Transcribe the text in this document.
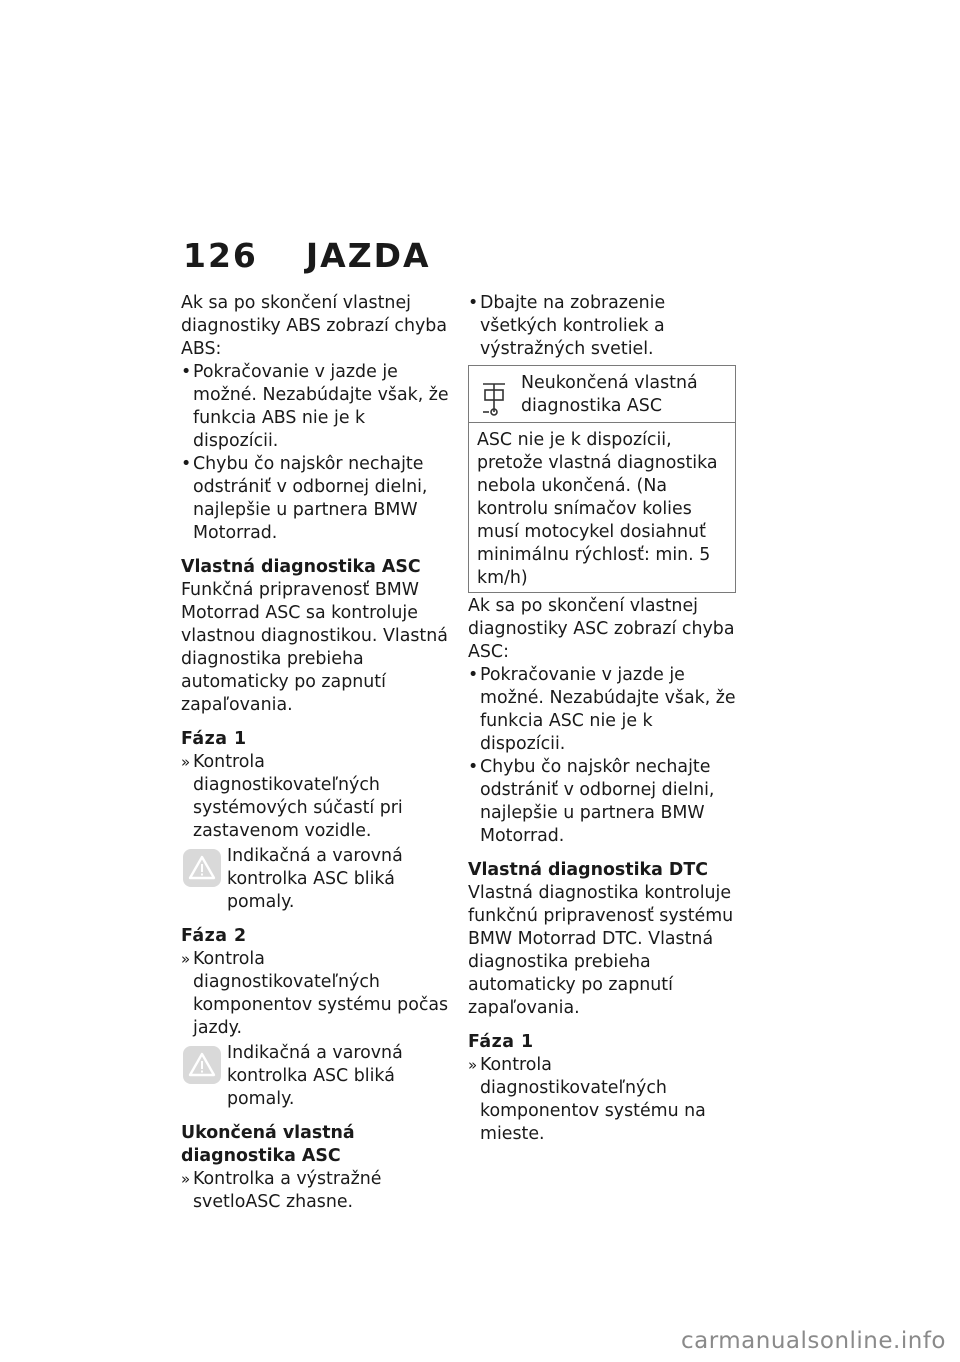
126 JAZDA

Ak sa po skončení vlastnej diagnostiky ABS zobrazí chyba ABS:

• Pokračovanie v jazde je možné. Nezabúdajte však, že funkcia ABS nie je k dispozícii.
• Chybu čo najskôr nechajte odstrániť v odbornej dielni, najlepšie u partnera BMW Motorrad.

Vlastná diagnostika ASC

Funkčná pripravenosť BMW Motorrad ASC sa kontroluje vlastnou diagnostikou. Vlastná diagnostika prebieha automaticky po zapnutí zapaľovania.

Fáza 1

» Kontrola diagnostikovateľných systémových súčastí pri zastavenom vozidle.
Indikačná a varovná kontrolka ASC bliká pomaly.

Fáza 2

» Kontrola diagnostikovateľných komponentov systému počas jazdy.
Indikačná a varovná kontrolka ASC bliká pomaly.

Ukončená vlastná diagnostika ASC

» Kontrolka a výstražné svetloASC zhasne.
• Dbajte na zobrazenie všetkých kontroliek a výstražných svetiel.
Neukončená vlastná diagnostika ASC
ASC nie je k dispozícii, pretože vlastná diagnostika nebola ukončená. (Na kontrolu snímačov kolies musí motocykel dosiahnuť minimálnu rýchlosť: min. 5 km/h)

Ak sa po skončení vlastnej diagnostiky ASC zobrazí chyba ASC:

• Pokračovanie v jazde je možné. Nezabúdajte však, že funkcia ASC nie je k dispozícii.
• Chybu čo najskôr nechajte odstrániť v odbornej dielni, najlepšie u partnera BMW Motorrad.

Vlastná diagnostika DTC

Vlastná diagnostika kontroluje funkčnú pripravenosť systému BMW Motorrad DTC. Vlastná diagnostika prebieha automaticky po zapnutí zapaľovania.

Fáza 1

» Kontrola diagnostikovateľných komponentov systému na mieste.
carmanualsonline.info
